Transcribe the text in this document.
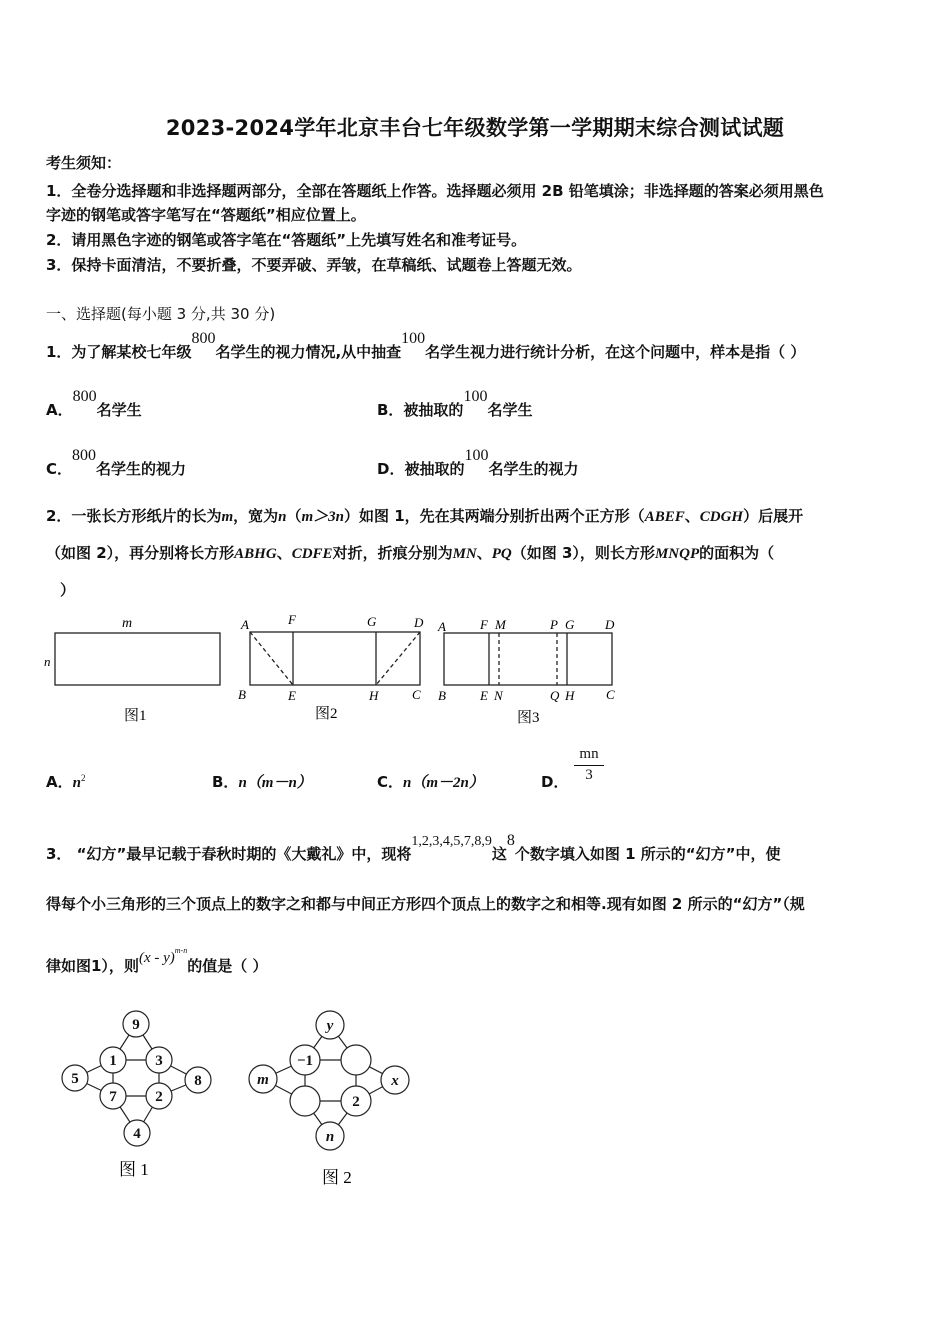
2023-2024学年北京丰台七年级数学第一学期期末综合测试试题
考生须知：
1．全卷分选择题和非选择题两部分，全部在答题纸上作答。选择题必须用 2B 铅笔填涂；非选择题的答案必须用黑色
字迹的钢笔或答字笔写在“答题纸”相应位置上。
2．请用黑色字迹的钢笔或答字笔在“答题纸”上先填写姓名和准考证号。
3．保持卡面清洁，不要折叠，不要弄破、弄皱，在草稿纸、试题卷上答题无效。
一、选择题(每小题 3 分,共 30 分)
1．为了解某校七年级800名学生的视力情况,从中抽查100名学生视力进行统计分析，在这个问题中，样本是指（ ）
A．800名学生	B．被抽取的100名学生
C．800名学生的视力	D．被抽取的100名学生的视力
2．一张长方形纸片的长为m，宽为n（m＞3n）如图 1，先在其两端分别折出两个正方形（ABEF、CDGH）后展开
（如图 2），再分别将长方形ABHG、CDFE对折，折痕分别为MN、PQ（如图 3），则长方形MNQP的面积为（
）
m
n
图1
A	F	G	D
B	E	H	C
图2
A	F M	P G D
B	E N	Q H C
图3
A．$n^2$	B．n（m－n）	C．n（m－2n）	D．
mn
3
3． “幻方”最早记载于春秋时期的《大戴礼》中，现将1,2,3,4,5,7,8,9这8个数字填入如图 1 所示的“幻方”中，使
得每个小三角形的三个顶点上的数字之和都与中间正方形四个顶点上的数字之和相等.现有如图 2 所示的“幻方”（规
律如图1），则(x - y)$^{m-n}$的值是（ ）
9
1	3
5	8
7	2
4
图 1
y
−1
m	x
2
n
图 2
